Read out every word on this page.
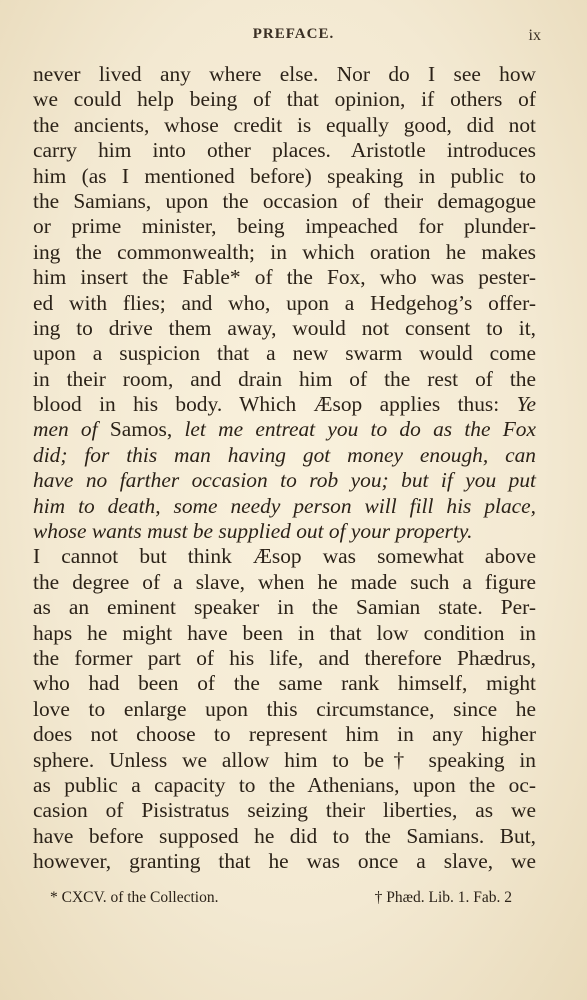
PREFACE.	ix
never lived any where else. Nor do I see how
we could help being of that opinion, if others of
the ancients, whose credit is equally good, did not
carry him into other places. Aristotle introduces
him (as I mentioned before) speaking in public to
the Samians, upon the occasion of their demagogue
or prime minister, being impeached for plunder-
ing the commonwealth; in which oration he makes
him insert the Fable* of the Fox, who was pester-
ed with flies; and who, upon a Hedgehog’s offer-
ing to drive them away, would not consent to it,
upon a suspicion that a new swarm would come
in their room, and drain him of the rest of the
blood in his body. Which Æsop applies thus: Ye
men of Samos, let me entreat you to do as the Fox
did; for this man having got money enough, can
have no farther occasion to rob you; but if you put
him to death, some needy person will fill his place,
whose wants must be supplied out of your property.
I cannot but think Æsop was somewhat above
the degree of a slave, when he made such a figure
as an eminent speaker in the Samian state. Per-
haps he might have been in that low condition in
the former part of his life, and therefore Phædrus,
who had been of the same rank himself, might
love to enlarge upon this circumstance, since he
does not choose to represent him in any higher
sphere. Unless we allow him to be† speaking in
as public a capacity to the Athenians, upon the oc-
casion of Pisistratus seizing their liberties, as we
have before supposed he did to the Samians. But,
however, granting that he was once a slave, we
* CXCV. of the Collection.	† Phæd. Lib. 1. Fab. 2
